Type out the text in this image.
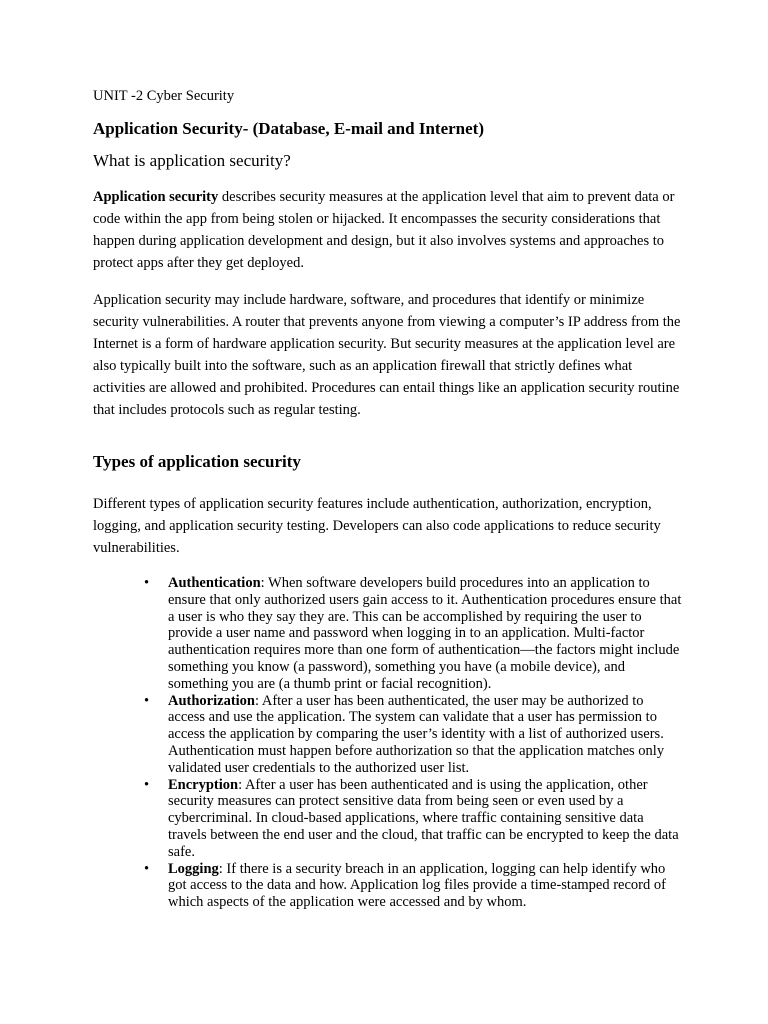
UNIT -2 Cyber Security

Application Security- (Database, E-mail and Internet)

What is application security?

Application security describes security measures at the application level that aim to prevent data or code within the app from being stolen or hijacked. It encompasses the security considerations that happen during application development and design, but it also involves systems and approaches to protect apps after they get deployed.

Application security may include hardware, software, and procedures that identify or minimize security vulnerabilities. A router that prevents anyone from viewing a computer’s IP address from the Internet is a form of hardware application security. But security measures at the application level are also typically built into the software, such as an application firewall that strictly defines what activities are allowed and prohibited. Procedures can entail things like an application security routine that includes protocols such as regular testing.

Types of application security

Different types of application security features include authentication, authorization, encryption, logging, and application security testing. Developers can also code applications to reduce security vulnerabilities.

• Authentication: When software developers build procedures into an application to ensure that only authorized users gain access to it. Authentication procedures ensure that a user is who they say they are. This can be accomplished by requiring the user to provide a user name and password when logging in to an application. Multi-factor authentication requires more than one form of authentication—the factors might include something you know (a password), something you have (a mobile device), and something you are (a thumb print or facial recognition).
• Authorization: After a user has been authenticated, the user may be authorized to access and use the application. The system can validate that a user has permission to access the application by comparing the user’s identity with a list of authorized users. Authentication must happen before authorization so that the application matches only validated user credentials to the authorized user list.
• Encryption: After a user has been authenticated and is using the application, other security measures can protect sensitive data from being seen or even used by a cybercriminal. In cloud-based applications, where traffic containing sensitive data travels between the end user and the cloud, that traffic can be encrypted to keep the data safe.
• Logging: If there is a security breach in an application, logging can help identify who got access to the data and how. Application log files provide a time-stamped record of which aspects of the application were accessed and by whom.
